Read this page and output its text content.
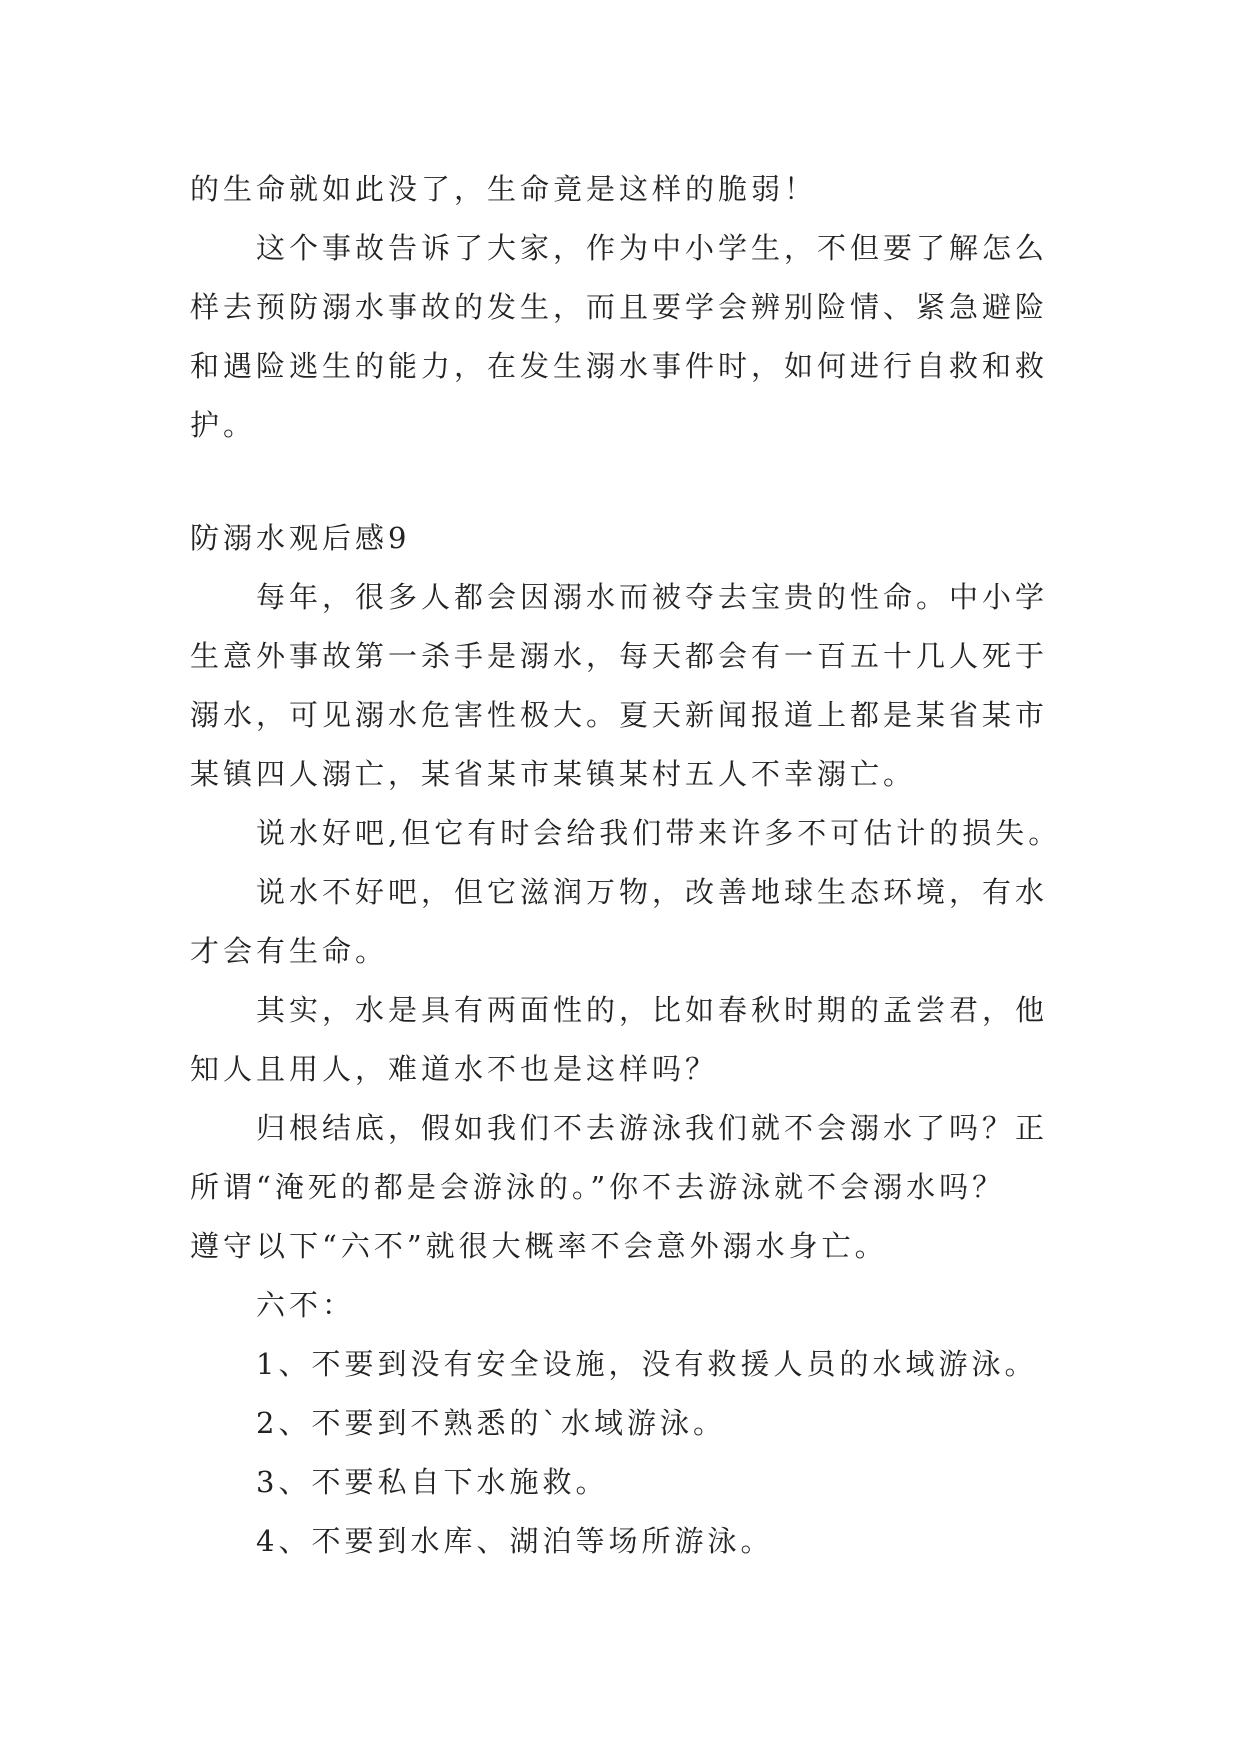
的生命就如此没了，生命竟是这样的脆弱！
这个事故告诉了大家，作为中小学生，不但要了解怎么
样去预防溺水事故的发生，而且要学会辨别险情、紧急避险
和遇险逃生的能力，在发生溺水事件时，如何进行自救和救
护。
防溺水观后感9
每年，很多人都会因溺水而被夺去宝贵的性命。中小学
生意外事故第一杀手是溺水，每天都会有一百五十几人死于
溺水，可见溺水危害性极大。夏天新闻报道上都是某省某市
某镇四人溺亡，某省某市某镇某村五人不幸溺亡。
说水好吧,但它有时会给我们带来许多不可估计的损失。
说水不好吧，但它滋润万物，改善地球生态环境，有水
才会有生命。
其实，水是具有两面性的，比如春秋时期的孟尝君，他
知人且用人，难道水不也是这样吗？
归根结底，假如我们不去游泳我们就不会溺水了吗？正
所谓“淹死的都是会游泳的。”你不去游泳就不会溺水吗？
遵守以下“六不”就很大概率不会意外溺水身亡。
六不：
1、不要到没有安全设施，没有救援人员的水域游泳。
2、不要到不熟悉的`水域游泳。
3、不要私自下水施救。
4、不要到水库、湖泊等场所游泳。
